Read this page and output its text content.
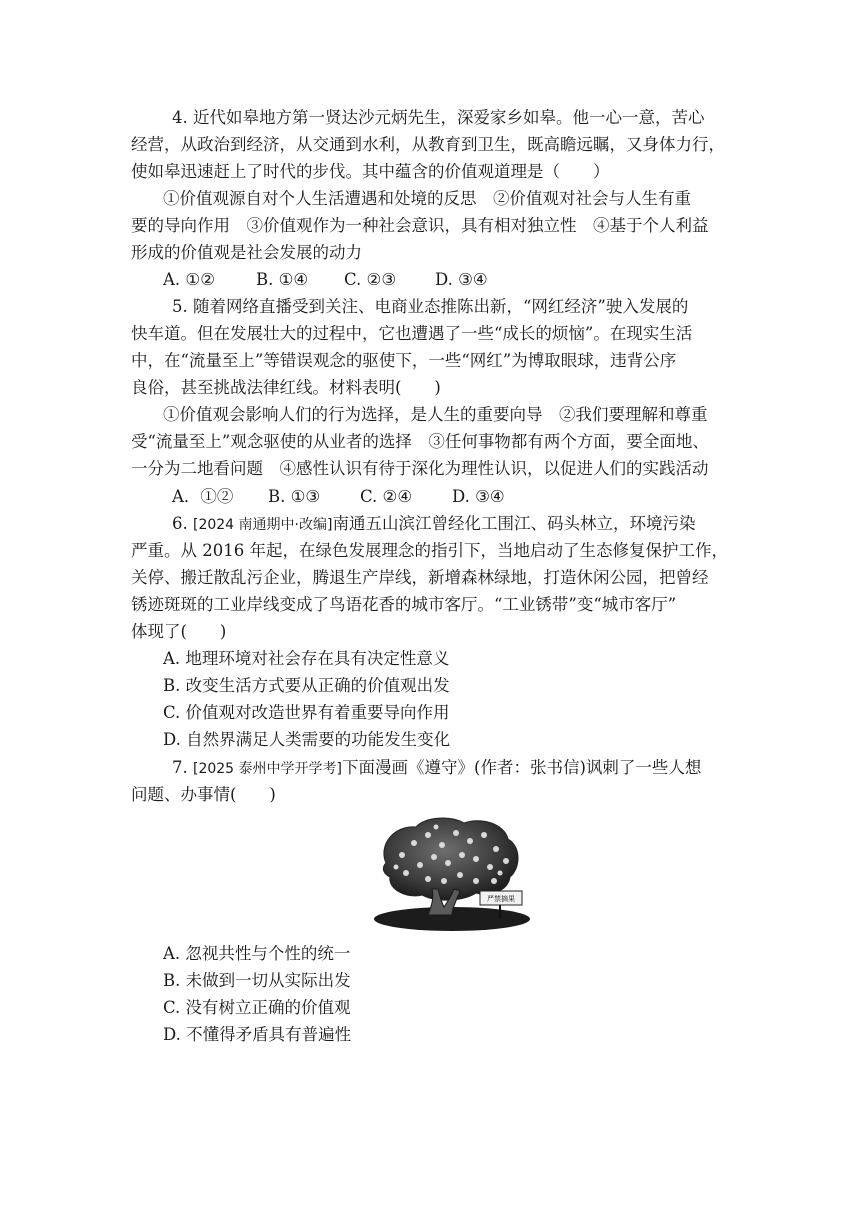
4. 近代如皋地方第一贤达沙元炳先生，深爱家乡如皋。他一心一意，苦心
经营，从政治到经济，从交通到水利，从教育到卫生，既高瞻远瞩，又身体力行，
使如皋迅速赶上了时代的步伐。其中蕴含的价值观道理是（　　）
①价值观源自对个人生活遭遇和处境的反思　②价值观对社会与人生有重
要的导向作用　③价值观作为一种社会意识，具有相对独立性　④基于个人利益
形成的价值观是社会发展的动力
A. ①② B. ①④ C. ②③ D. ③④
5. 随着网络直播受到关注、电商业态推陈出新，“网红经济”驶入发展的
快车道。但在发展壮大的过程中，它也遭遇了一些“成长的烦恼”。在现实生活
中，在“流量至上”等错误观念的驱使下，一些“网红”为博取眼球，违背公序
良俗，甚至挑战法律红线。材料表明(　　)
①价值观会影响人们的行为选择，是人生的重要向导　②我们要理解和尊重
受“流量至上”观念驱使的从业者的选择　③任何事物都有两个方面，要全面地、
一分为二地看问题　④感性认识有待于深化为理性认识，以促进人们的实践活动
A．①② B. ①③ C. ②④ D. ③④
6. [2024 南通期中·改编]南通五山滨江曾经化工围江、码头林立，环境污染
严重。从 2016 年起，在绿色发展理念的指引下，当地启动了生态修复保护工作，
关停、搬迁散乱污企业，腾退生产岸线，新增森林绿地，打造休闲公园，把曾经
锈迹斑斑的工业岸线变成了鸟语花香的城市客厅。“工业锈带”变“城市客厅”
体现了(　　)
A. 地理环境对社会存在具有决定性意义
B. 改变生活方式要从正确的价值观出发
C. 价值观对改造世界有着重要导向作用
D. 自然界满足人类需要的功能发生变化
7. [2025 泰州中学开学考]下面漫画《遵守》(作者：张书信)讽刺了一些人想
问题、办事情(　　)
严禁摘果
A. 忽视共性与个性的统一
B. 未做到一切从实际出发
C. 没有树立正确的价值观
D. 不懂得矛盾具有普遍性
